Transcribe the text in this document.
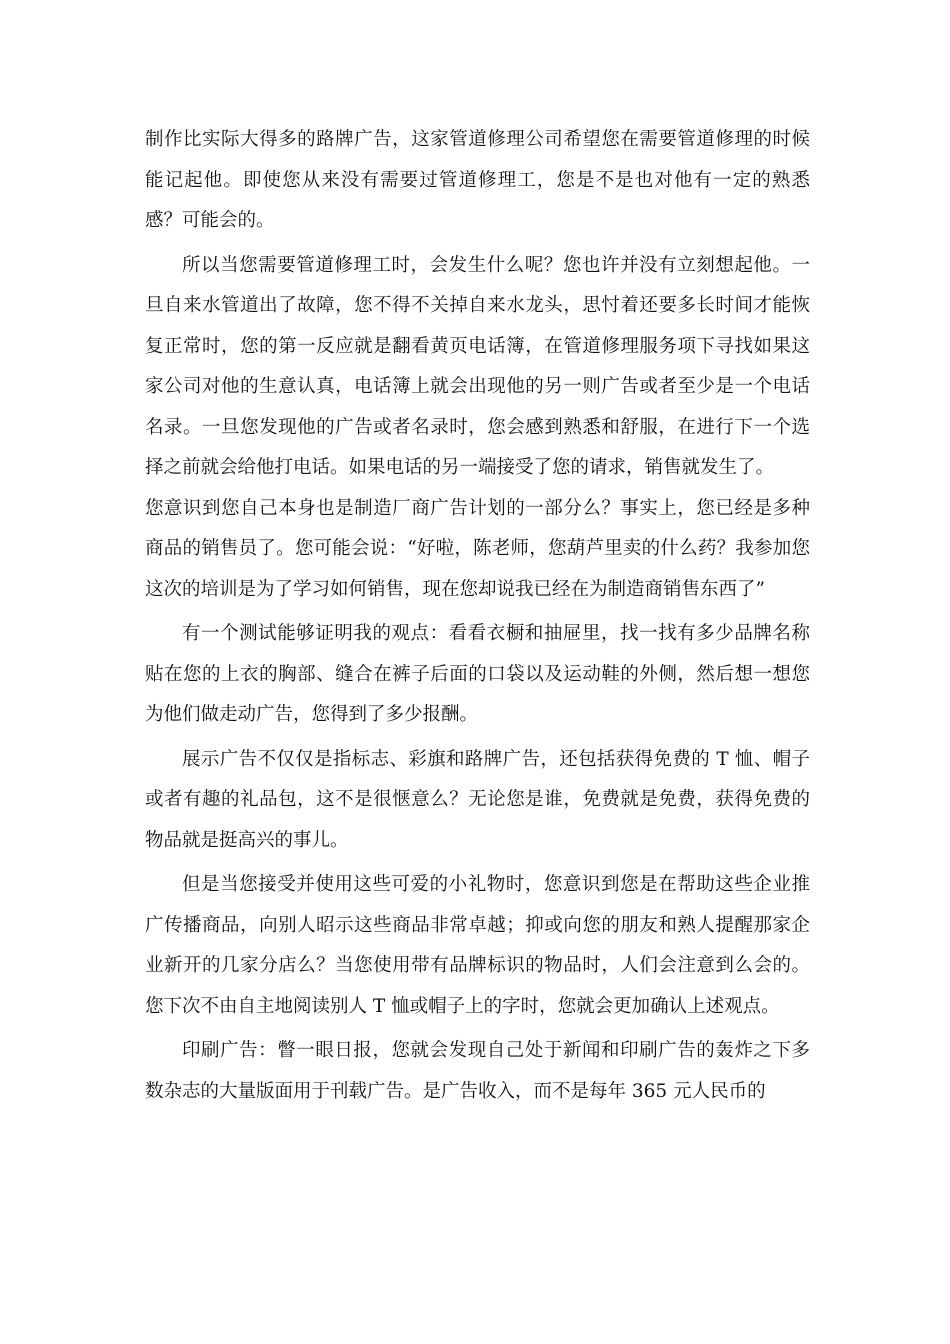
制作比实际大得多的路牌广告，这家管道修理公司希望您在需要管道修理的时候能记起他。即使您从来没有需要过管道修理工，您是不是也对他有一定的熟悉感？可能会的。

所以当您需要管道修理工时，会发生什么呢？您也许并没有立刻想起他。一旦自来水管道出了故障，您不得不关掉自来水龙头，思忖着还要多长时间才能恢复正常时，您的第一反应就是翻看黄页电话簿，在管道修理服务项下寻找如果这家公司对他的生意认真，电话簿上就会出现他的另一则广告或者至少是一个电话名录。一旦您发现他的广告或者名录时，您会感到熟悉和舒服，在进行下一个选择之前就会给他打电话。如果电话的另一端接受了您的请求，销售就发生了。

您意识到您自己本身也是制造厂商广告计划的一部分么？事实上，您已经是多种商品的销售员了。您可能会说：“好啦，陈老师，您葫芦里卖的什么药？我参加您这次的培训是为了学习如何销售，现在您却说我已经在为制造商销售东西了”

有一个测试能够证明我的观点：看看衣橱和抽屉里，找一找有多少品牌名称贴在您的上衣的胸部、缝合在裤子后面的口袋以及运动鞋的外侧，然后想一想您为他们做走动广告，您得到了多少报酬。

展示广告不仅仅是指标志、彩旗和路牌广告，还包括获得免费的 T 恤、帽子或者有趣的礼品包，这不是很惬意么？无论您是谁，免费就是免费，获得免费的物品就是挺高兴的事儿。

但是当您接受并使用这些可爱的小礼物时，您意识到您是在帮助这些企业推广传播商品，向别人昭示这些商品非常卓越；抑或向您的朋友和熟人提醒那家企业新开的几家分店么？当您使用带有品牌标识的物品时，人们会注意到么会的。您下次不由自主地阅读别人 T 恤或帽子上的字时，您就会更加确认上述观点。

印刷广告：瞥一眼日报，您就会发现自己处于新闻和印刷广告的轰炸之下多数杂志的大量版面用于刊载广告。是广告收入，而不是每年 365 元人民币的
